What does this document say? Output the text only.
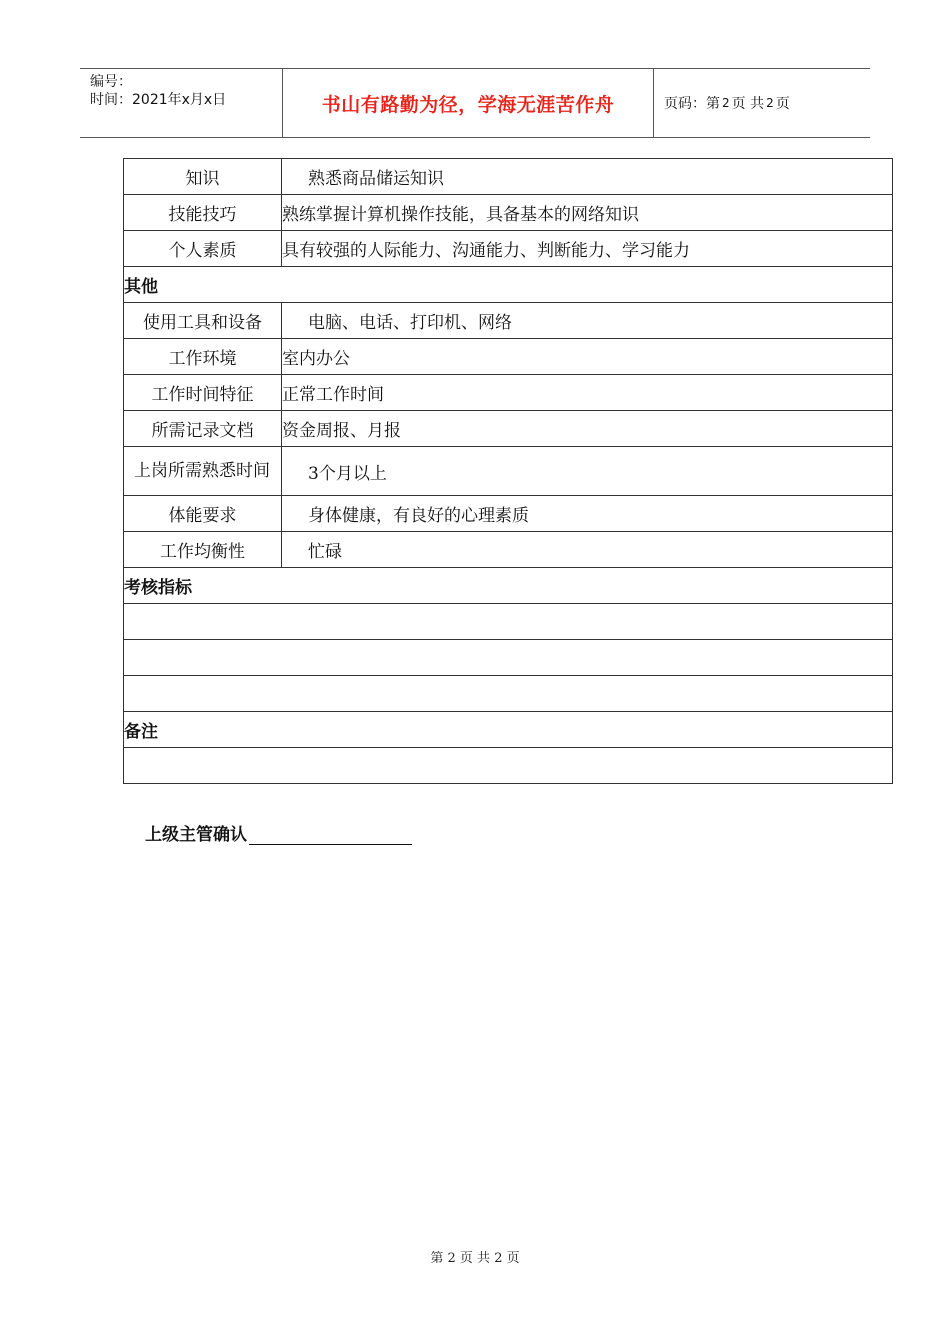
编号：
时间：2021年x月x日	书山有路勤为径，学海无涯苦作舟	页码：第 2 页 共 2 页
知识	熟悉商品储运知识
技能技巧	熟练掌握计算机操作技能，具备基本的网络知识
个人素质	具有较强的人际能力、沟通能力、判断能力、学习能力
其他	
使用工具和设备	电脑、电话、打印机、网络
工作环境	室内办公
工作时间特征	正常工作时间
所需记录文档	资金周报、月报
上岗所需熟悉时间	3个月以上
体能要求	身体健康，有良好的心理素质
工作均衡性	忙碌
考核指标	

备注	

上级主管确认
第 2 页 共 2 页
